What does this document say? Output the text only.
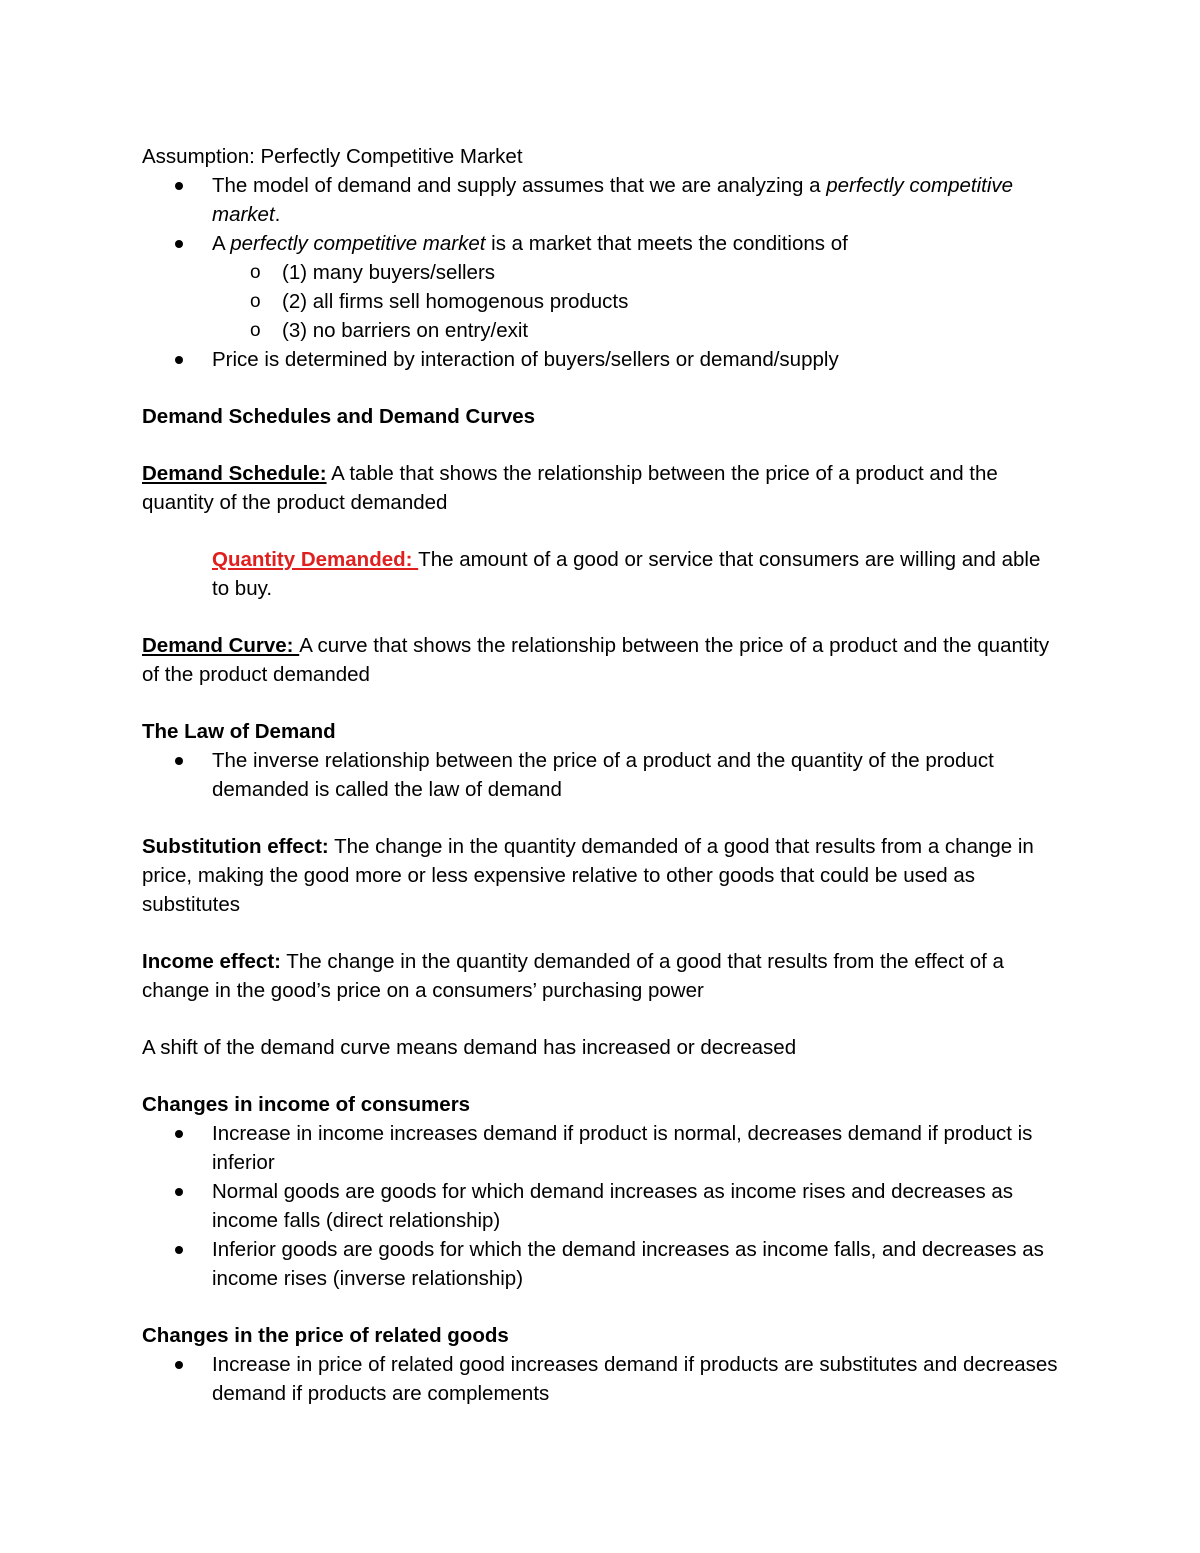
Assumption: Perfectly Competitive Market

The model of demand and supply assumes that we are analyzing a perfectly competitive market.
A perfectly competitive market is a market that meets the conditions of
o (1) many buyers/sellers
o (2) all firms sell homogenous products
o (3) no barriers on entry/exit
Price is determined by interaction of buyers/sellers or demand/supply

Demand Schedules and Demand Curves

Demand Schedule: A table that shows the relationship between the price of a product and the quantity of the product demanded

Quantity Demanded: The amount of a good or service that consumers are willing and able to buy.

Demand Curve: A curve that shows the relationship between the price of a product and the quantity of the product demanded

The Law of Demand

The inverse relationship between the price of a product and the quantity of the product demanded is called the law of demand

Substitution effect: The change in the quantity demanded of a good that results from a change in price, making the good more or less expensive relative to other goods that could be used as substitutes

Income effect: The change in the quantity demanded of a good that results from the effect of a change in the good’s price on a consumers’ purchasing power

A shift of the demand curve means demand has increased or decreased

Changes in income of consumers

Increase in income increases demand if product is normal, decreases demand if product is inferior
Normal goods are goods for which demand increases as income rises and decreases as income falls (direct relationship)
Inferior goods are goods for which the demand increases as income falls, and decreases as income rises (inverse relationship)

Changes in the price of related goods

Increase in price of related good increases demand if products are substitutes and decreases demand if products are complements
